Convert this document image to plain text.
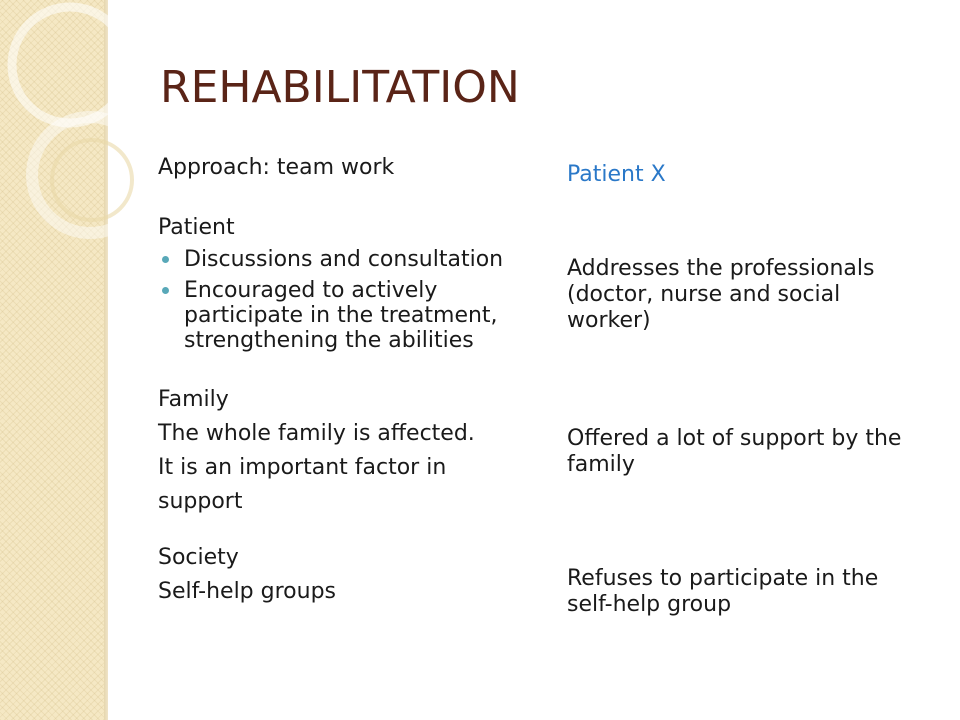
REHABILITATION

Approach: team work

Patient

Discussions and consultation
Encouraged to actively participate in the treatment, strengthening the abilities

Family

The whole family is affected.

It is an important factor in

support

Society

Self-help groups

Patient X

Addresses the professionals (doctor, nurse and social worker)

Offered a lot of support by the family

Refuses to participate in the self-help group
